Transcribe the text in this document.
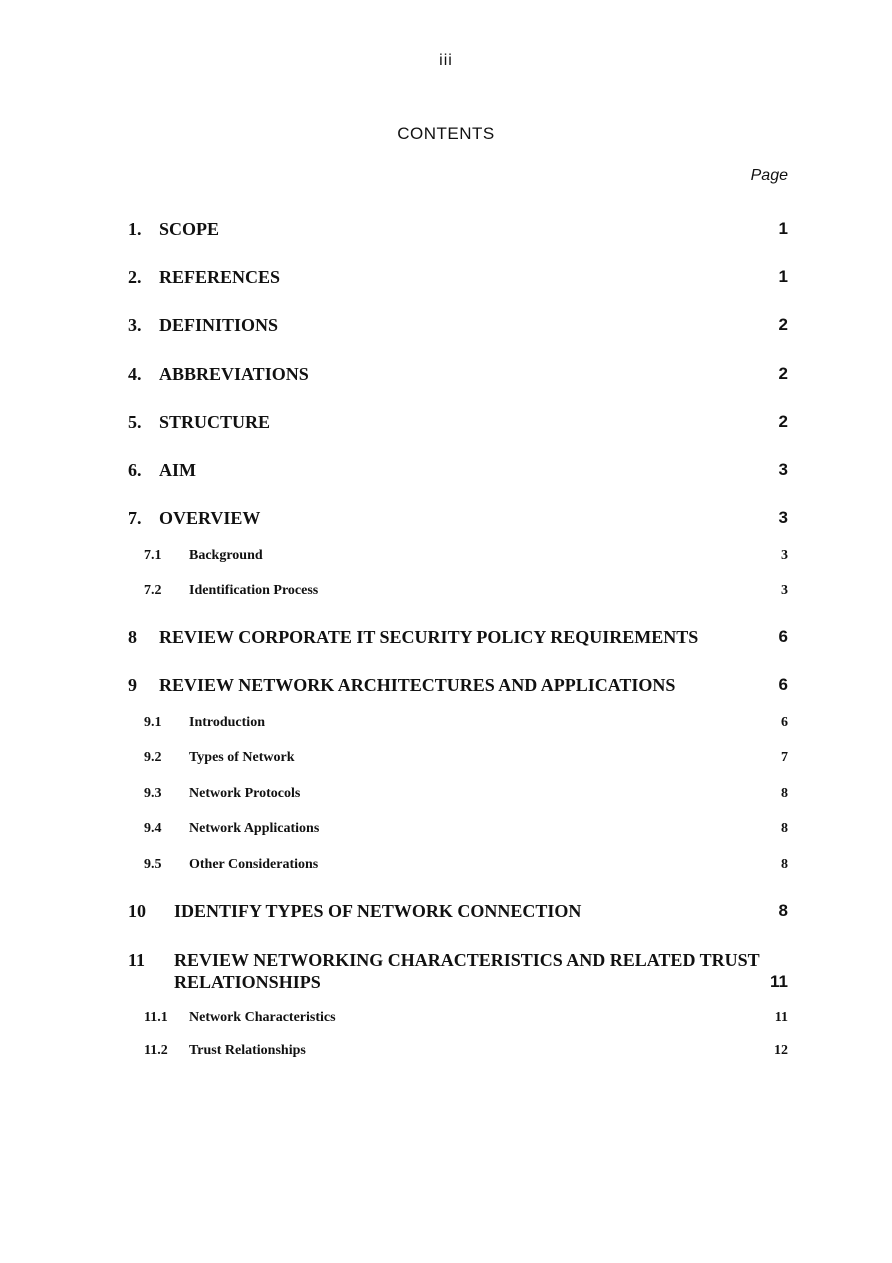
iii
CONTENTS
Page
1. SCOPE	1
2. REFERENCES	1
3. DEFINITIONS	2
4. ABBREVIATIONS	2
5. STRUCTURE	2
6. AIM	3
7. OVERVIEW	3
7.1 Background	3
7.2 Identification Process	3
8 REVIEW CORPORATE IT SECURITY POLICY REQUIREMENTS	6
9 REVIEW NETWORK ARCHITECTURES AND APPLICATIONS	6
9.1 Introduction	6
9.2 Types of Network	7
9.3 Network Protocols	8
9.4 Network Applications	8
9.5 Other Considerations	8
10 IDENTIFY TYPES OF NETWORK CONNECTION	8
11 REVIEW NETWORKING CHARACTERISTICS AND RELATED TRUST
RELATIONSHIPS	11
11.1 Network Characteristics	11
11.2 Trust Relationships	12
